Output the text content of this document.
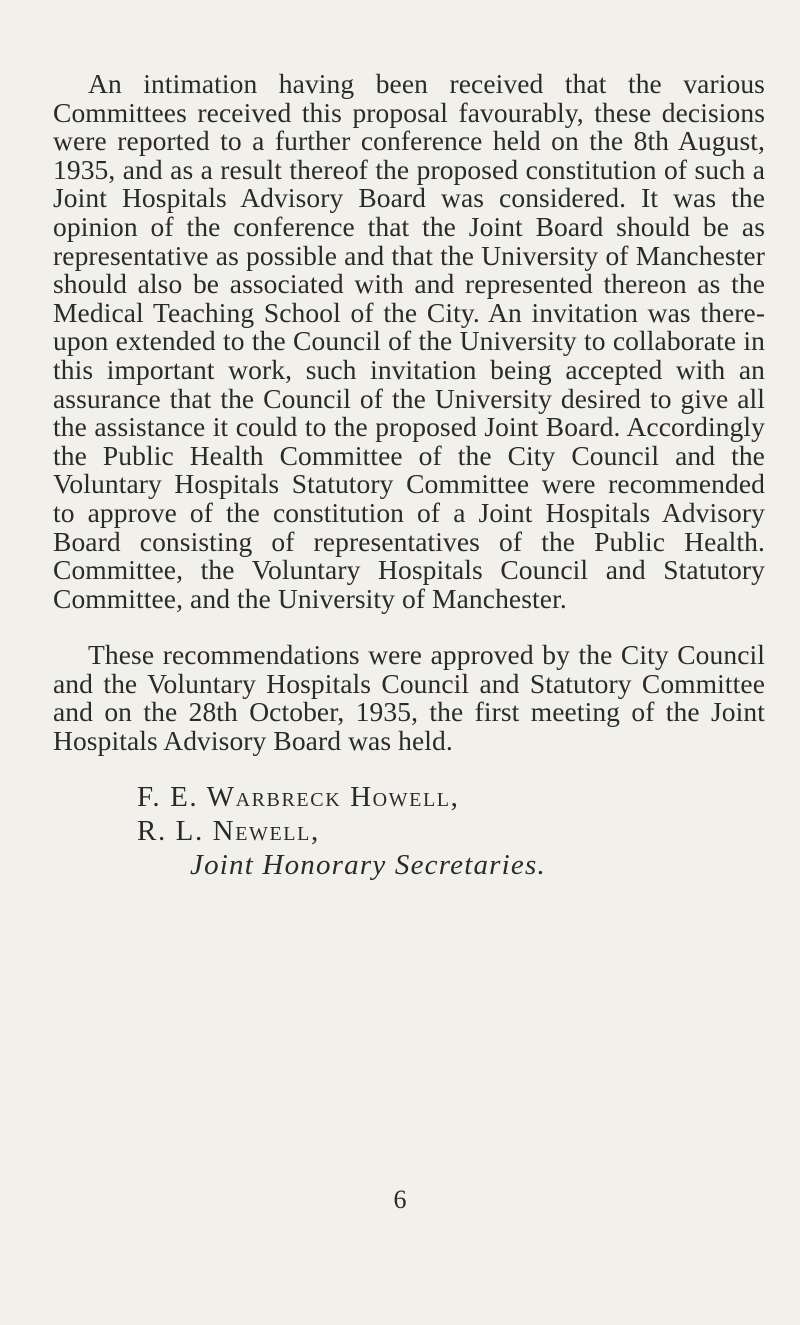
An intimation having been received that the various Committees received this proposal favourably, these decisions were reported to a further conference held on the 8th August, 1935, and as a result thereof the proposed constitution of such a Joint Hospitals Advisory Board was considered. It was the opinion of the conference that the Joint Board should be as representative as possible and that the University of Manchester should also be associated with and represented thereon as the Medical Teaching School of the City. An invitation was thereupon extended to the Council of the University to collaborate in this important work, such invitation being accepted with an assurance that the Council of the University desired to give all the assistance it could to the proposed Joint Board. Accordingly the Public Health Committee of the City Council and the Voluntary Hospitals Statutory Committee were recommended to approve of the constitution of a Joint Hospitals Advisory Board consisting of representatives of the Public Health. Committee, the Voluntary Hospitals Council and Statutory Committee, and the University of Manchester.

These recommendations were approved by the City Council and the Voluntary Hospitals Council and Statutory Committee and on the 28th October, 1935, the first meeting of the Joint Hospitals Advisory Board was held.

F. E. Warbreck Howell,
R. L. Newell,
Joint Honorary Secretaries.
6
